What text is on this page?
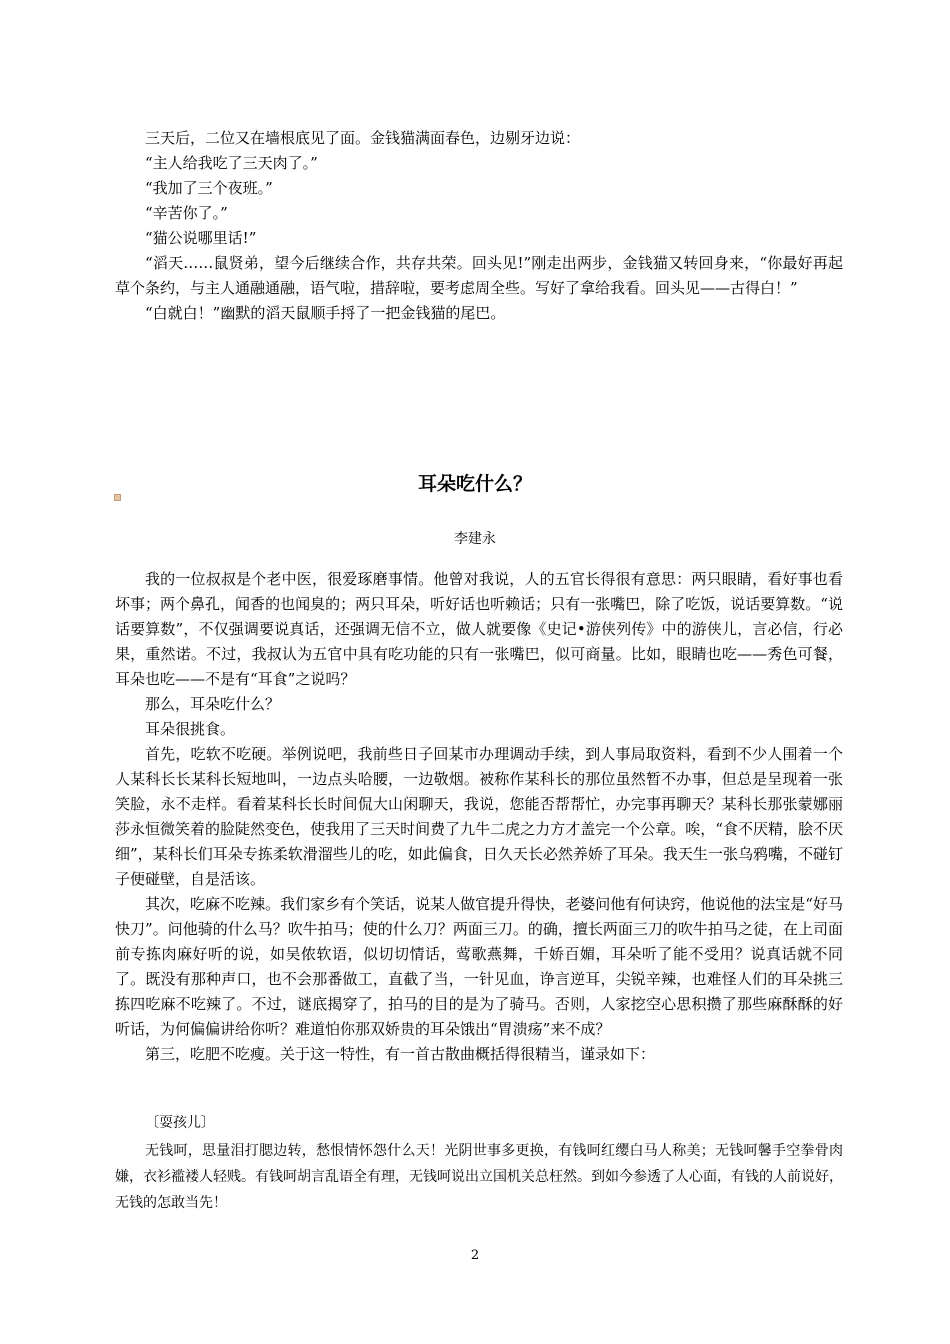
三天后，二位又在墙根底见了面。金钱猫满面春色，边剔牙边说：

“主人给我吃了三天肉了。”

“我加了三个夜班。”

“辛苦你了。”

“猫公说哪里话!”

“滔天……鼠贤弟，望今后继续合作，共存共荣。回头见!”刚走出两步，金钱猫又转回身来，“你最好再起草个条约，与主人通融通融，语气啦，措辞啦，要考虑周全些。写好了拿给我看。回头见——古得白！”

“白就白！”幽默的滔天鼠顺手捋了一把金钱猫的尾巴。

耳朵吃什么？
李建永

我的一位叔叔是个老中医，很爱琢磨事情。他曾对我说，人的五官长得很有意思：两只眼睛，看好事也看坏事；两个鼻孔，闻香的也闻臭的；两只耳朵，听好话也听赖话；只有一张嘴巴，除了吃饭，说话要算数。“说话要算数”，不仅强调要说真话，还强调无信不立，做人就要像《史记•游侠列传》中的游侠儿，言必信，行必果，重然诺。不过，我叔认为五官中具有吃功能的只有一张嘴巴，似可商量。比如，眼睛也吃——秀色可餐，耳朵也吃——不是有“耳食”之说吗？

那么，耳朵吃什么？

耳朵很挑食。

首先，吃软不吃硬。举例说吧，我前些日子回某市办理调动手续，到人事局取资料，看到不少人围着一个人某科长长某科长短地叫，一边点头哈腰，一边敬烟。被称作某科长的那位虽然暂不办事，但总是呈现着一张笑脸，永不走样。看着某科长长时间侃大山闲聊天，我说，您能否帮帮忙，办完事再聊天？某科长那张蒙娜丽莎永恒微笑着的脸陡然变色，使我用了三天时间费了九牛二虎之力方才盖完一个公章。唉，“食不厌精，脍不厌细”，某科长们耳朵专拣柔软滑溜些儿的吃，如此偏食，日久天长必然养娇了耳朵。我天生一张乌鸦嘴，不碰钉子便碰壁，自是活该。

其次，吃麻不吃辣。我们家乡有个笑话，说某人做官提升得快，老婆问他有何诀窍，他说他的法宝是“好马快刀”。问他骑的什么马？吹牛拍马；使的什么刀？两面三刀。的确，擅长两面三刀的吹牛拍马之徒，在上司面前专拣肉麻好听的说，如吴侬软语，似切切情话，莺歌燕舞，千娇百媚，耳朵听了能不受用？说真话就不同了。既没有那种声口，也不会那番做工，直截了当，一针见血，诤言逆耳，尖锐辛辣，也难怪人们的耳朵挑三拣四吃麻不吃辣了。不过，谜底揭穿了，拍马的目的是为了骑马。否则，人家挖空心思积攒了那些麻酥酥的好听话，为何偏偏讲给你听？难道怕你那双娇贵的耳朵饿出“胃溃疡”来不成？

第三，吃肥不吃瘦。关于这一特性，有一首古散曲概括得很精当，谨录如下：

〔耍孩儿〕

无钱呵，思量泪打腮边转，愁恨情怀怨什么天！光阴世事多更换，有钱呵红缨白马人称美；无钱呵馨手空拳骨肉嫌，衣衫褴褛人轻贱。有钱呵胡言乱语全有理，无钱呵说出立国机关总枉然。到如今参透了人心面，有钱的人前说好，无钱的怎敢当先！

2
